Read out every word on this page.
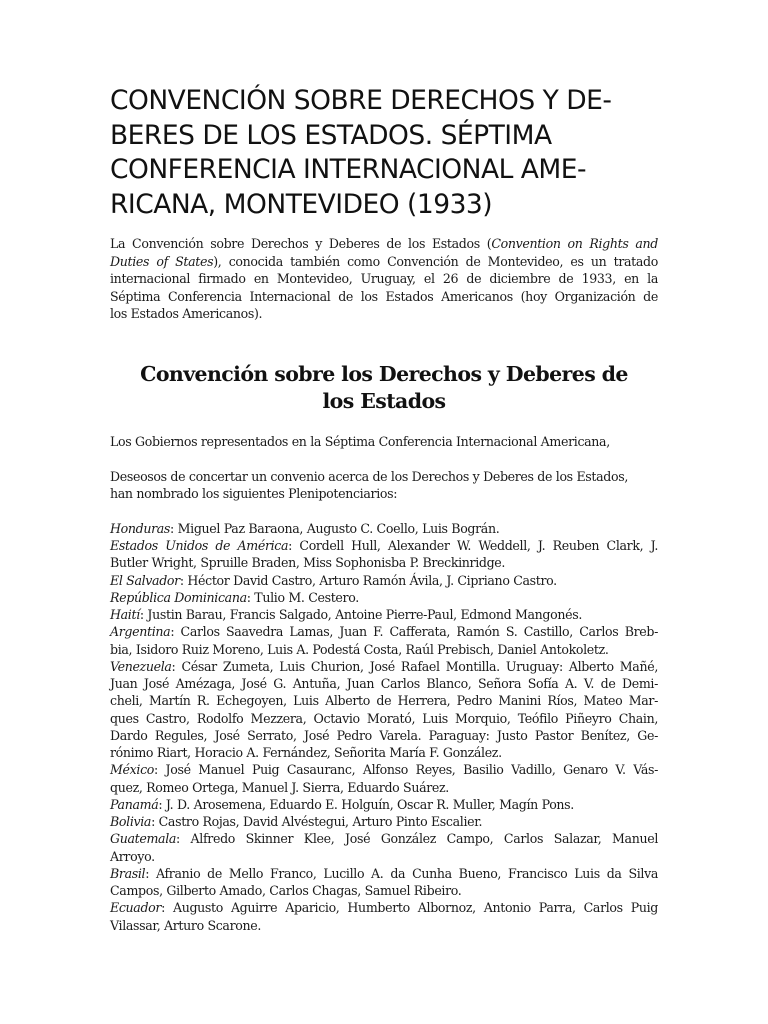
CONVENCIÓN SOBRE DERECHOS Y DE-
BERES DE LOS ESTADOS. SÉPTIMA
CONFERENCIA INTERNACIONAL AME-
RICANA, MONTEVIDEO (1933)
La Convención sobre Derechos y Deberes de los Estados (Convention on Rights and
Duties of States), conocida también como Convención de Montevideo, es un tratado
internacional firmado en Montevideo, Uruguay, el 26 de diciembre de 1933, en la
Séptima Conferencia Internacional de los Estados Americanos (hoy Organización de
los Estados Americanos).
Convención sobre los Derechos y Deberes de
los Estados

Los Gobiernos representados en la Séptima Conferencia Internacional Americana,

Deseosos de concertar un convenio acerca de los Derechos y Deberes de los Estados,
han nombrado los siguientes Plenipotenciarios:

Honduras: Miguel Paz Baraona, Augusto C. Coello, Luis Bográn.
Estados Unidos de América: Cordell Hull, Alexander W. Weddell, J. Reuben Clark, J.
Butler Wright, Spruille Braden, Miss Sophonisba P. Breckinridge.
El Salvador: Héctor David Castro, Arturo Ramón Ávila, J. Cipriano Castro.
República Dominicana: Tulio M. Cestero.
Haití: Justin Barau, Francis Salgado, Antoine Pierre-Paul, Edmond Mangonés.
Argentina: Carlos Saavedra Lamas, Juan F. Cafferata, Ramón S. Castillo, Carlos Breb-
bia, Isidoro Ruiz Moreno, Luis A. Podestá Costa, Raúl Prebisch, Daniel Antokoletz.
Venezuela: César Zumeta, Luis Churion, José Rafael Montilla. Uruguay: Alberto Mañé,
Juan José Amézaga, José G. Antuña, Juan Carlos Blanco, Señora Sofía A. V. de Demi-
cheli, Martín R. Echegoyen, Luis Alberto de Herrera, Pedro Manini Ríos, Mateo Mar-
ques Castro, Rodolfo Mezzera, Octavio Morató, Luis Morquio, Teófilo Piñeyro Chain,
Dardo Regules, José Serrato, José Pedro Varela. Paraguay: Justo Pastor Benítez, Ge-
rónimo Riart, Horacio A. Fernández, Señorita María F. González.
México: José Manuel Puig Casauranc, Alfonso Reyes, Basilio Vadillo, Genaro V. Vás-
quez, Romeo Ortega, Manuel J. Sierra, Eduardo Suárez.
Panamá: J. D. Arosemena, Eduardo E. Holguín, Oscar R. Muller, Magín Pons.
Bolivia: Castro Rojas, David Alvéstegui, Arturo Pinto Escalier.
Guatemala: Alfredo Skinner Klee, José González Campo, Carlos Salazar, Manuel
Arroyo.
Brasil: Afranio de Mello Franco, Lucillo A. da Cunha Bueno, Francisco Luis da Silva
Campos, Gilberto Amado, Carlos Chagas, Samuel Ribeiro.
Ecuador: Augusto Aguirre Aparicio, Humberto Albornoz, Antonio Parra, Carlos Puig
Vilassar, Arturo Scarone.
